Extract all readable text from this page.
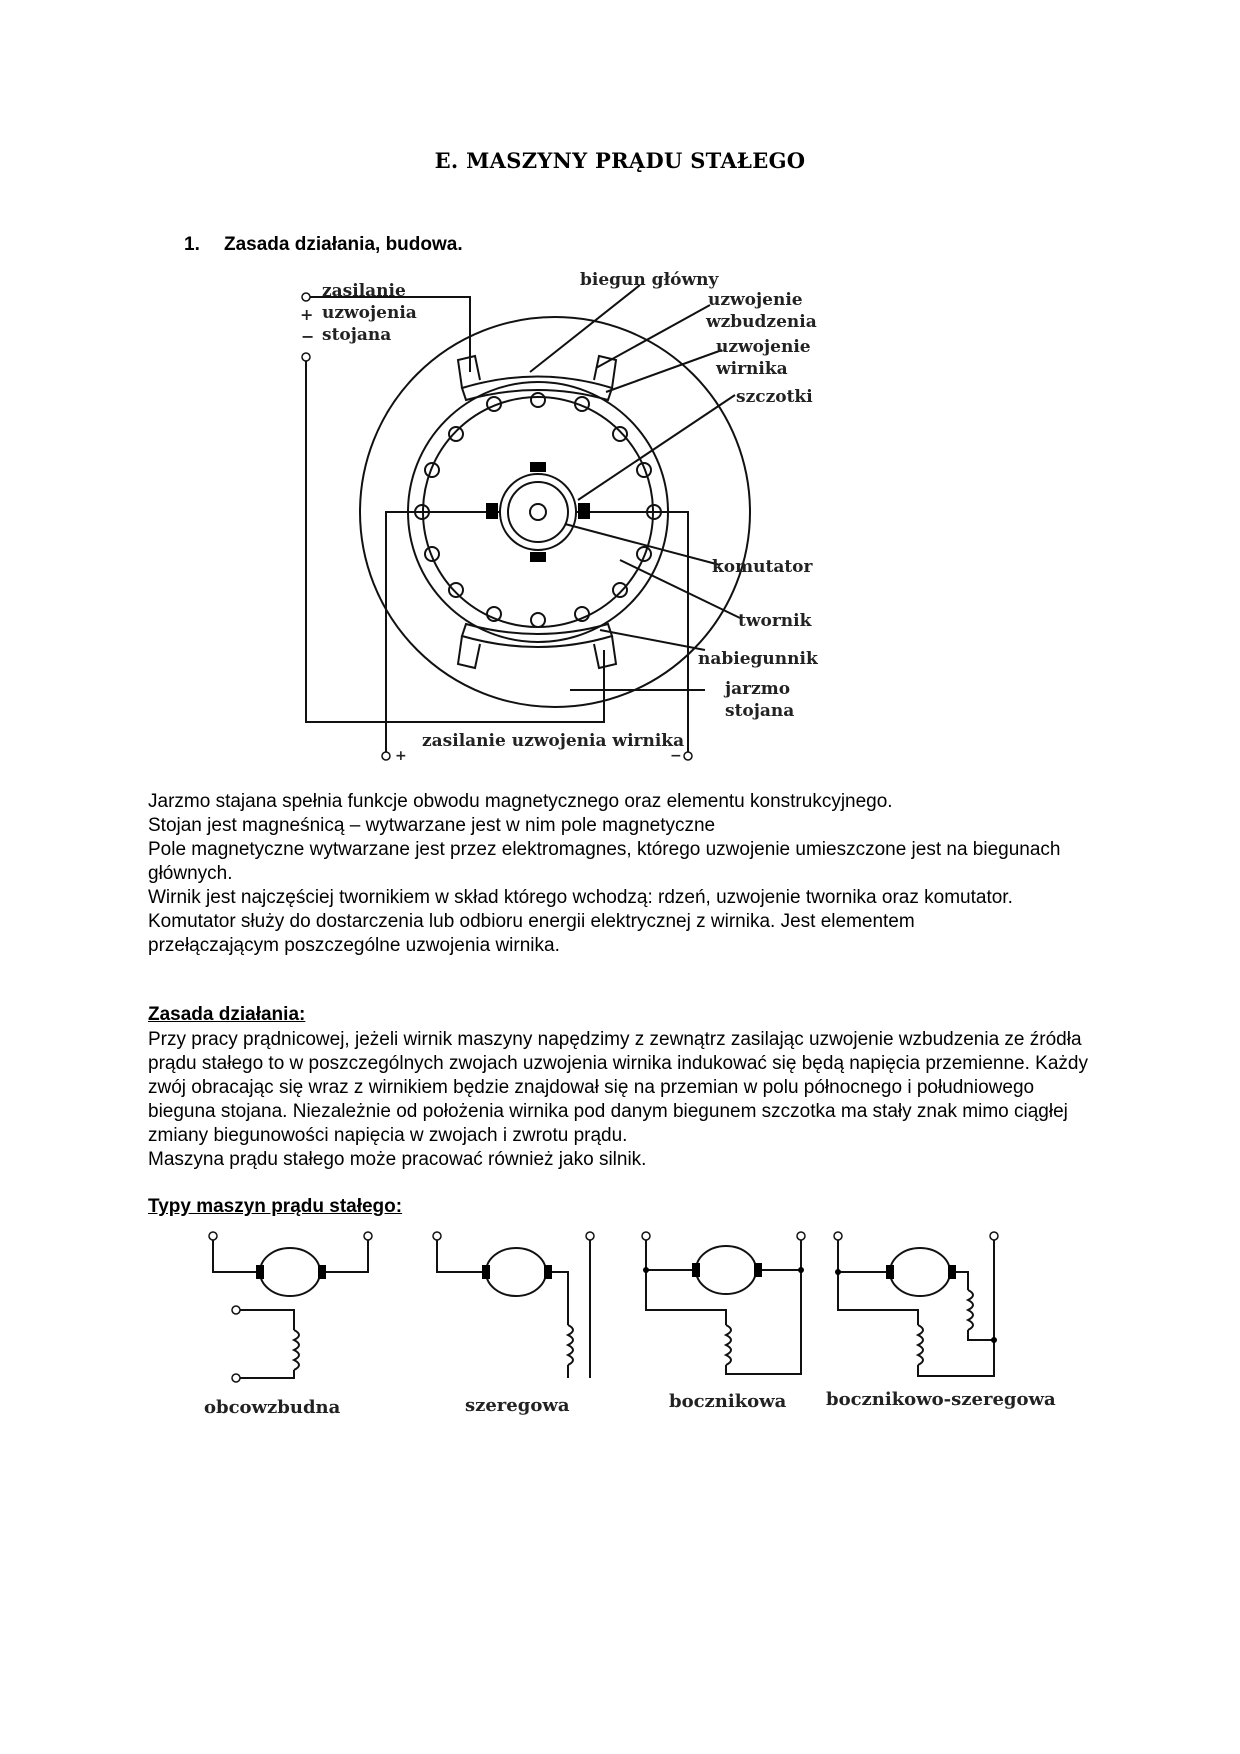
E. MASZYNY PRĄDU STAŁEGO
1. Zasada działania, budowa.
zasilanie
uzwojenia
stojana
+
−
biegun główny
uzwojenie
wzbudzenia
uzwojenie
wirnika
szczotki
komutator
twornik
nabiegunnik
jarzmo
stojana
zasilanie uzwojenia wirnika
+	−

Jarzmo stajana spełnia funkcje obwodu magnetycznego oraz elementu konstrukcyjnego.

Stojan jest magneśnicą – wytwarzane jest w nim pole magnetyczne

Pole magnetyczne wytwarzane jest przez elektromagnes, którego uzwojenie umieszczone jest na biegunach głównych.

Wirnik jest najczęściej twornikiem w skład którego wchodzą: rdzeń, uzwojenie twornika oraz komutator.

Komutator służy do dostarczenia lub odbioru energii elektrycznej z wirnika. Jest elementem przełączającym poszczególne uzwojenia wirnika.

Zasada działania:

Przy pracy prądnicowej, jeżeli wirnik maszyny napędzimy z zewnątrz zasilając uzwojenie wzbudzenia ze źródła prądu stałego to w poszczególnych zwojach uzwojenia wirnika indukować się będą napięcia przemienne. Każdy zwój obracając się wraz z wirnikiem będzie znajdował się na przemian w polu północnego i południowego bieguna stojana. Niezależnie od położenia wirnika pod danym biegunem szczotka ma stały znak mimo ciągłej zmiany biegunowości napięcia w zwojach i zwrotu prądu.

Maszyna prądu stałego może pracować również jako silnik.

Typy maszyn prądu stałego:
obcowzbudna	szeregowa	bocznikowa bocznikowo-szeregowa
